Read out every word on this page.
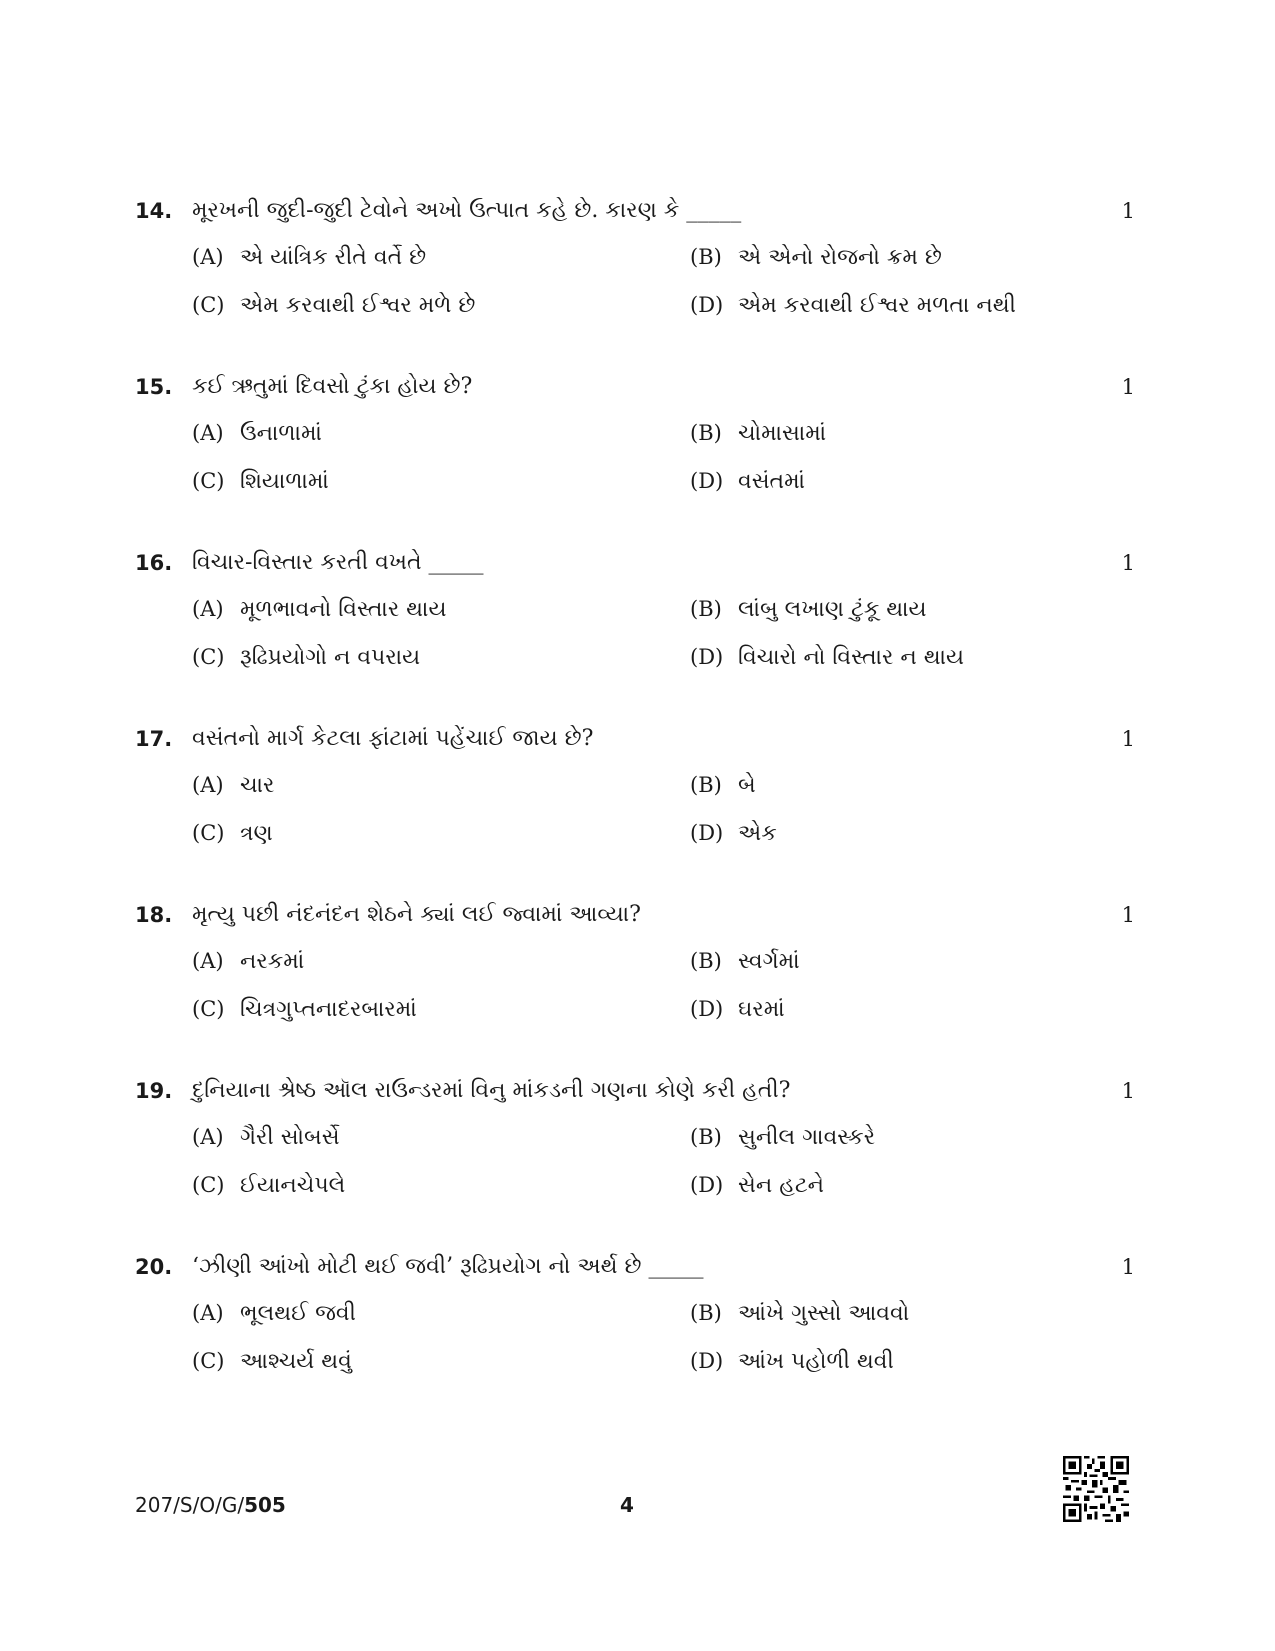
14. મૂરખની જુદી-જુદી ટેવોને અખો ઉત્પાત કહે છે. કારણ કે _____	1
(A) એ યાંત્રિક રીતે વર્તે છે	(B) એ એનો રોજનો ક્રમ છે
(C) એમ કરવાથી ઈશ્વર મળે છે	(D) એમ કરવાથી ઈશ્વર મળતા નથી
15. કઈ ઋતુમાં દિવસો ટુંકા હોય છે?	1
(A) ઉનાળામાં	(B) ચોમાસામાં
(C) શિયાળામાં	(D) વસંતમાં
16. વિચાર-વિસ્તાર કરતી વખતે _____	1
(A) મૂળભાવનો વિસ્તાર થાય	(B) લાંબુ લખાણ ટુંકૂ થાય
(C) રૂઢિપ્રયોગો ન વપરાય	(D) વિચારો નો વિસ્તાર ન થાય
17. વસંતનો માર્ગ કેટલા ફાંટામાં પહેંચાઈ જાય છે?	1
(A) ચાર	(B) બે
(C) ત્રણ	(D) એક
18. મૃત્યુ પછી નંદનંદન શેઠને ક્યાં લઈ જ્વામાં આવ્યા?	1
(A) નરકમાં	(B) સ્વર્ગમાં
(C) ચિત્રગુપ્તનાદરબારમાં	(D) ઘરમાં
19. દુનિયાના શ્રેષ્ઠ ઑલ રાઉન્ડરમાં વિનુ માંકડની ગણના કોણે કરી હતી?	1
(A) ગૈરી સોબર્સે	(B) સુનીલ ગાવસ્કરે
(C) ઈયાનચેપલે	(D) સેન હટને
20. ‘ઝીણી આંખો મોટી થઈ જવી’ રૂઢિપ્રયોગ નો અર્થ છે _____	1
(A) ભૂલથઈ જવી	(B) આંખે ગુસ્સો આવવો
(C) આશ્ચર્ય થવું	(D) આંખ પહોળી થવી
207/S/O/G/505	4
